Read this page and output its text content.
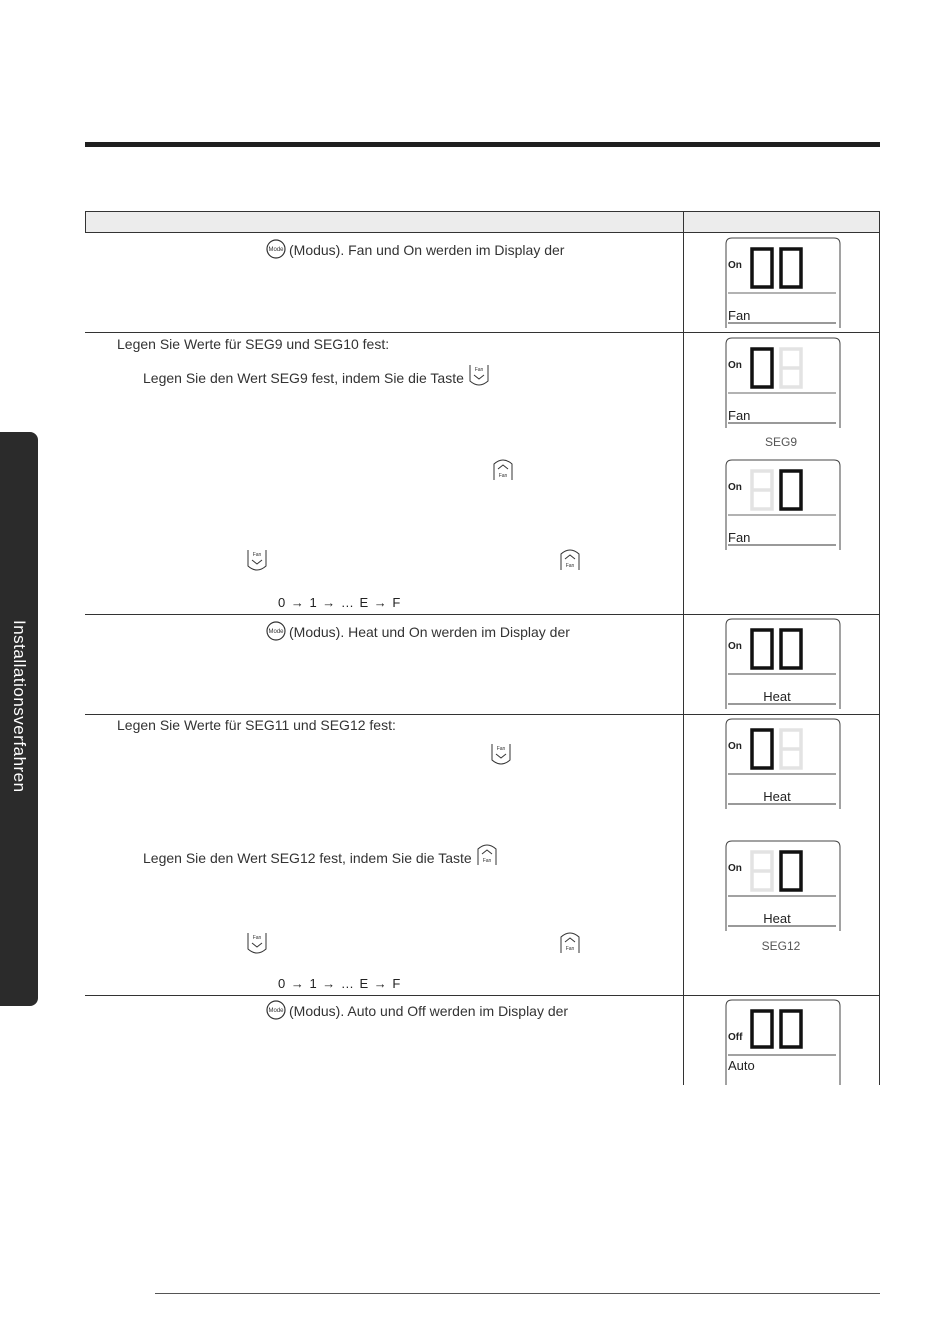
Installationsverfahren
Mode (Modus). Fan und On werden im Display der
Legen Sie Werte für SEG9 und SEG10 fest:
Legen Sie den Wert SEG9 fest, indem Sie die Taste Fan
Fan
Fan
Fan
0 → 1 → … E → F
Mode (Modus). Heat und On werden im Display der
Legen Sie Werte für SEG11 und SEG12 fest:
Fan
Legen Sie den Wert SEG12 fest, indem Sie die Taste Fan
Fan
Fan
0 → 1 → … E → F
Mode (Modus). Auto und Off werden im Display der
On
Fan
On
Fan
SEG9
On
Fan
On
Heat
On
Heat
On
Heat
SEG12
Off
Auto
